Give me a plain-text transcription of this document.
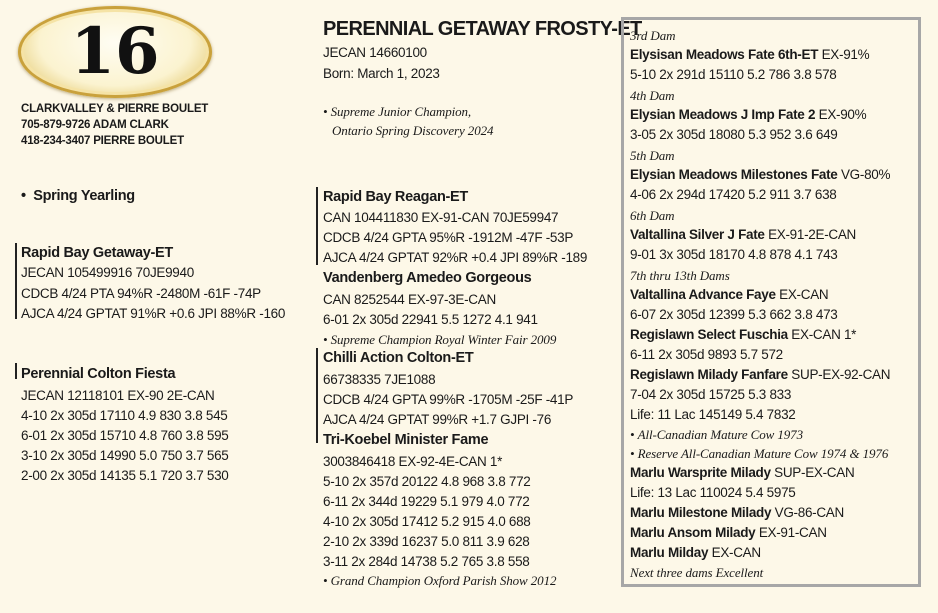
16
CLARKVALLEY & PIERRE BOULET
705-879-9726 ADAM CLARK
418-234-3407 PIERRE BOULET
•  Spring Yearling
Rapid Bay Getaway-ET
JECAN 105499916 70JE9940
CDCB 4/24 PTA 94%R -2480M -61F -74P
AJCA 4/24 GPTAT 91%R +0.6 JPI 88%R -160
Perennial Colton Fiesta
JECAN 12118101 EX-90 2E-CAN
4-10 2x 305d 17110 4.9 830 3.8 545
6-01 2x 305d 15710 4.8 760 3.8 595
3-10 2x 305d 14990 5.0 750 3.7 565
2-00 2x 305d 14135 5.1 720 3.7 530
PERENNIAL GETAWAY FROSTY-ET
JECAN 14660100
Born: March 1, 2023
• Supreme Junior Champion,
Ontario Spring Discovery 2024
Rapid Bay Reagan-ET
CAN 104411830 EX-91-CAN 70JE59947
CDCB 4/24 GPTA 95%R -1912M -47F -53P
AJCA 4/24 GPTAT 92%R +0.4 JPI 89%R -189
Vandenberg Amedeo Gorgeous
CAN 8252544 EX-97-3E-CAN
6-01 2x 305d 22941 5.5 1272 4.1 941
• Supreme Champion Royal Winter Fair 2009
Chilli Action Colton-ET
66738335 7JE1088
CDCB 4/24 GPTA 99%R -1705M -25F -41P
AJCA 4/24 GPTAT 99%R +1.7 GJPI -76
Tri-Koebel Minister Fame
3003846418 EX-92-4E-CAN 1*
5-10 2x 357d 20122 4.8 968 3.8 772
6-11 2x 344d 19229 5.1 979 4.0 772
4-10 2x 305d 17412 5.2 915 4.0 688
2-10 2x 339d 16237 5.0 811 3.9 628
3-11 2x 284d 14738 5.2 765 3.8 558
• Grand Champion Oxford Parish Show 2012
3rd Dam
Elysisan Meadows Fate 6th-ET EX-91%
5-10 2x 291d 15110 5.2 786 3.8 578
4th Dam
Elysian Meadows J Imp Fate 2 EX-90%
3-05 2x 305d 18080 5.3 952 3.6 649
5th Dam
Elysian Meadows Milestones Fate VG-80%
4-06 2x 294d 17420 5.2 911 3.7 638
6th Dam
Valtallina Silver J Fate EX-91-2E-CAN
9-01 3x 305d 18170 4.8 878 4.1 743
7th thru 13th Dams
Valtallina Advance Faye EX-CAN
6-07 2x 305d 12399 5.3 662 3.8 473
Regislawn Select Fuschia EX-CAN 1*
6-11 2x 305d 9893 5.7 572
Regislawn Milady Fanfare SUP-EX-92-CAN
7-04 2x 305d 15725 5.3 833
Life: 11 Lac 145149 5.4 7832
• All-Canadian Mature Cow 1973
• Reserve All-Canadian Mature Cow 1974 & 1976
Marlu Warsprite Milady SUP-EX-CAN
Life: 13 Lac 110024 5.4 5975
Marlu Milestone Milady VG-86-CAN
Marlu Ansom Milady EX-91-CAN
Marlu Milday EX-CAN
Next three dams Excellent
